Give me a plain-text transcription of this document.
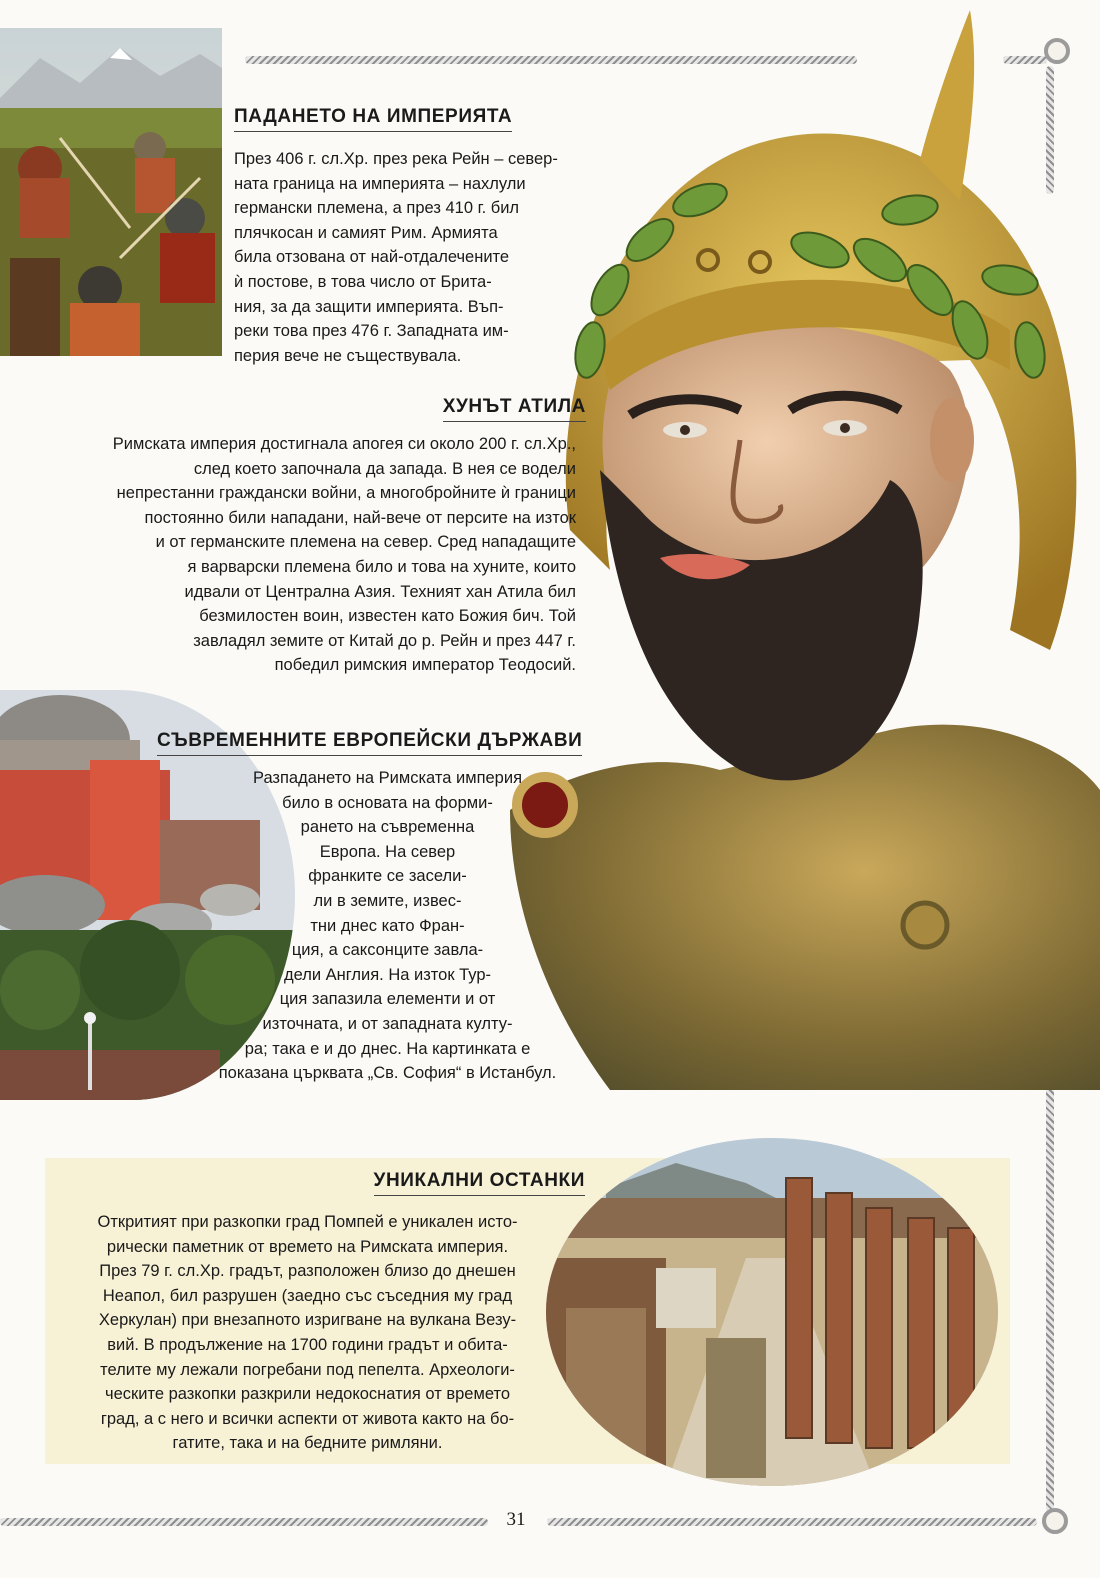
ПАДАНЕТО НА ИМПЕРИЯТА
През 406 г. сл.Хр. през река Рейн – север-
ната граница на империята – нахлули
германски племена, а през 410 г. бил
плячкосан и самият Рим. Армията
била отзована от най-отдалечените
ѝ постове, в това число от Брита-
ния, за да защити империята. Въп-
реки това през 476 г. Западната им-
перия вече не съществувала.
ХУНЪТ АТИЛА
Римската империя достигнала апогея си около 200 г. сл.Хр.,
след което започнала да запада. В нея се водели
непрестанни граждански войни, а многобройните ѝ граници
постоянно били нападани, най-вече от персите на изток
и от германските племена на север. Сред нападащите
я варварски племена било и това на хуните, които
идвали от Централна Азия. Техният хан Атила бил
безмилостен воин, известен като Божия бич. Той
завладял земите от Китай до р. Рейн и през 447 г.
победил римския император Теодосий.
СЪВРЕМЕННИТЕ ЕВРОПЕЙСКИ ДЪРЖАВИ
Разпадането на Римската империя
било в основата на форми-
рането на съвременна
Европа. На север
франките се засели-
ли в земите, извес-
тни днес като Фран-
ция, а саксонците завла-
дели Англия. На изток Тур-
ция запазила елементи и от
източната, и от западната култу-
ра; така е и до днес. На картинката е
показана църквата „Св. София“ в Истанбул.
УНИКАЛНИ ОСТАНКИ
Откритият при разкопки град Помпей е уникален исто-
рически паметник от времето на Римската империя.
През 79 г. сл.Хр. градът, разположен близо до днешен
Неапол, бил разрушен (заедно със съседния му град
Херкулан) при внезапното изригване на вулкана Везу-
вий. В продължение на 1700 години градът и обита-
телите му лежали погребани под пепелта. Археологи-
ческите разкопки разкрили недокоснатия от времето
град, а с него и всички аспекти от живота както на бо-
гатите, така и на бедните римляни.
31
